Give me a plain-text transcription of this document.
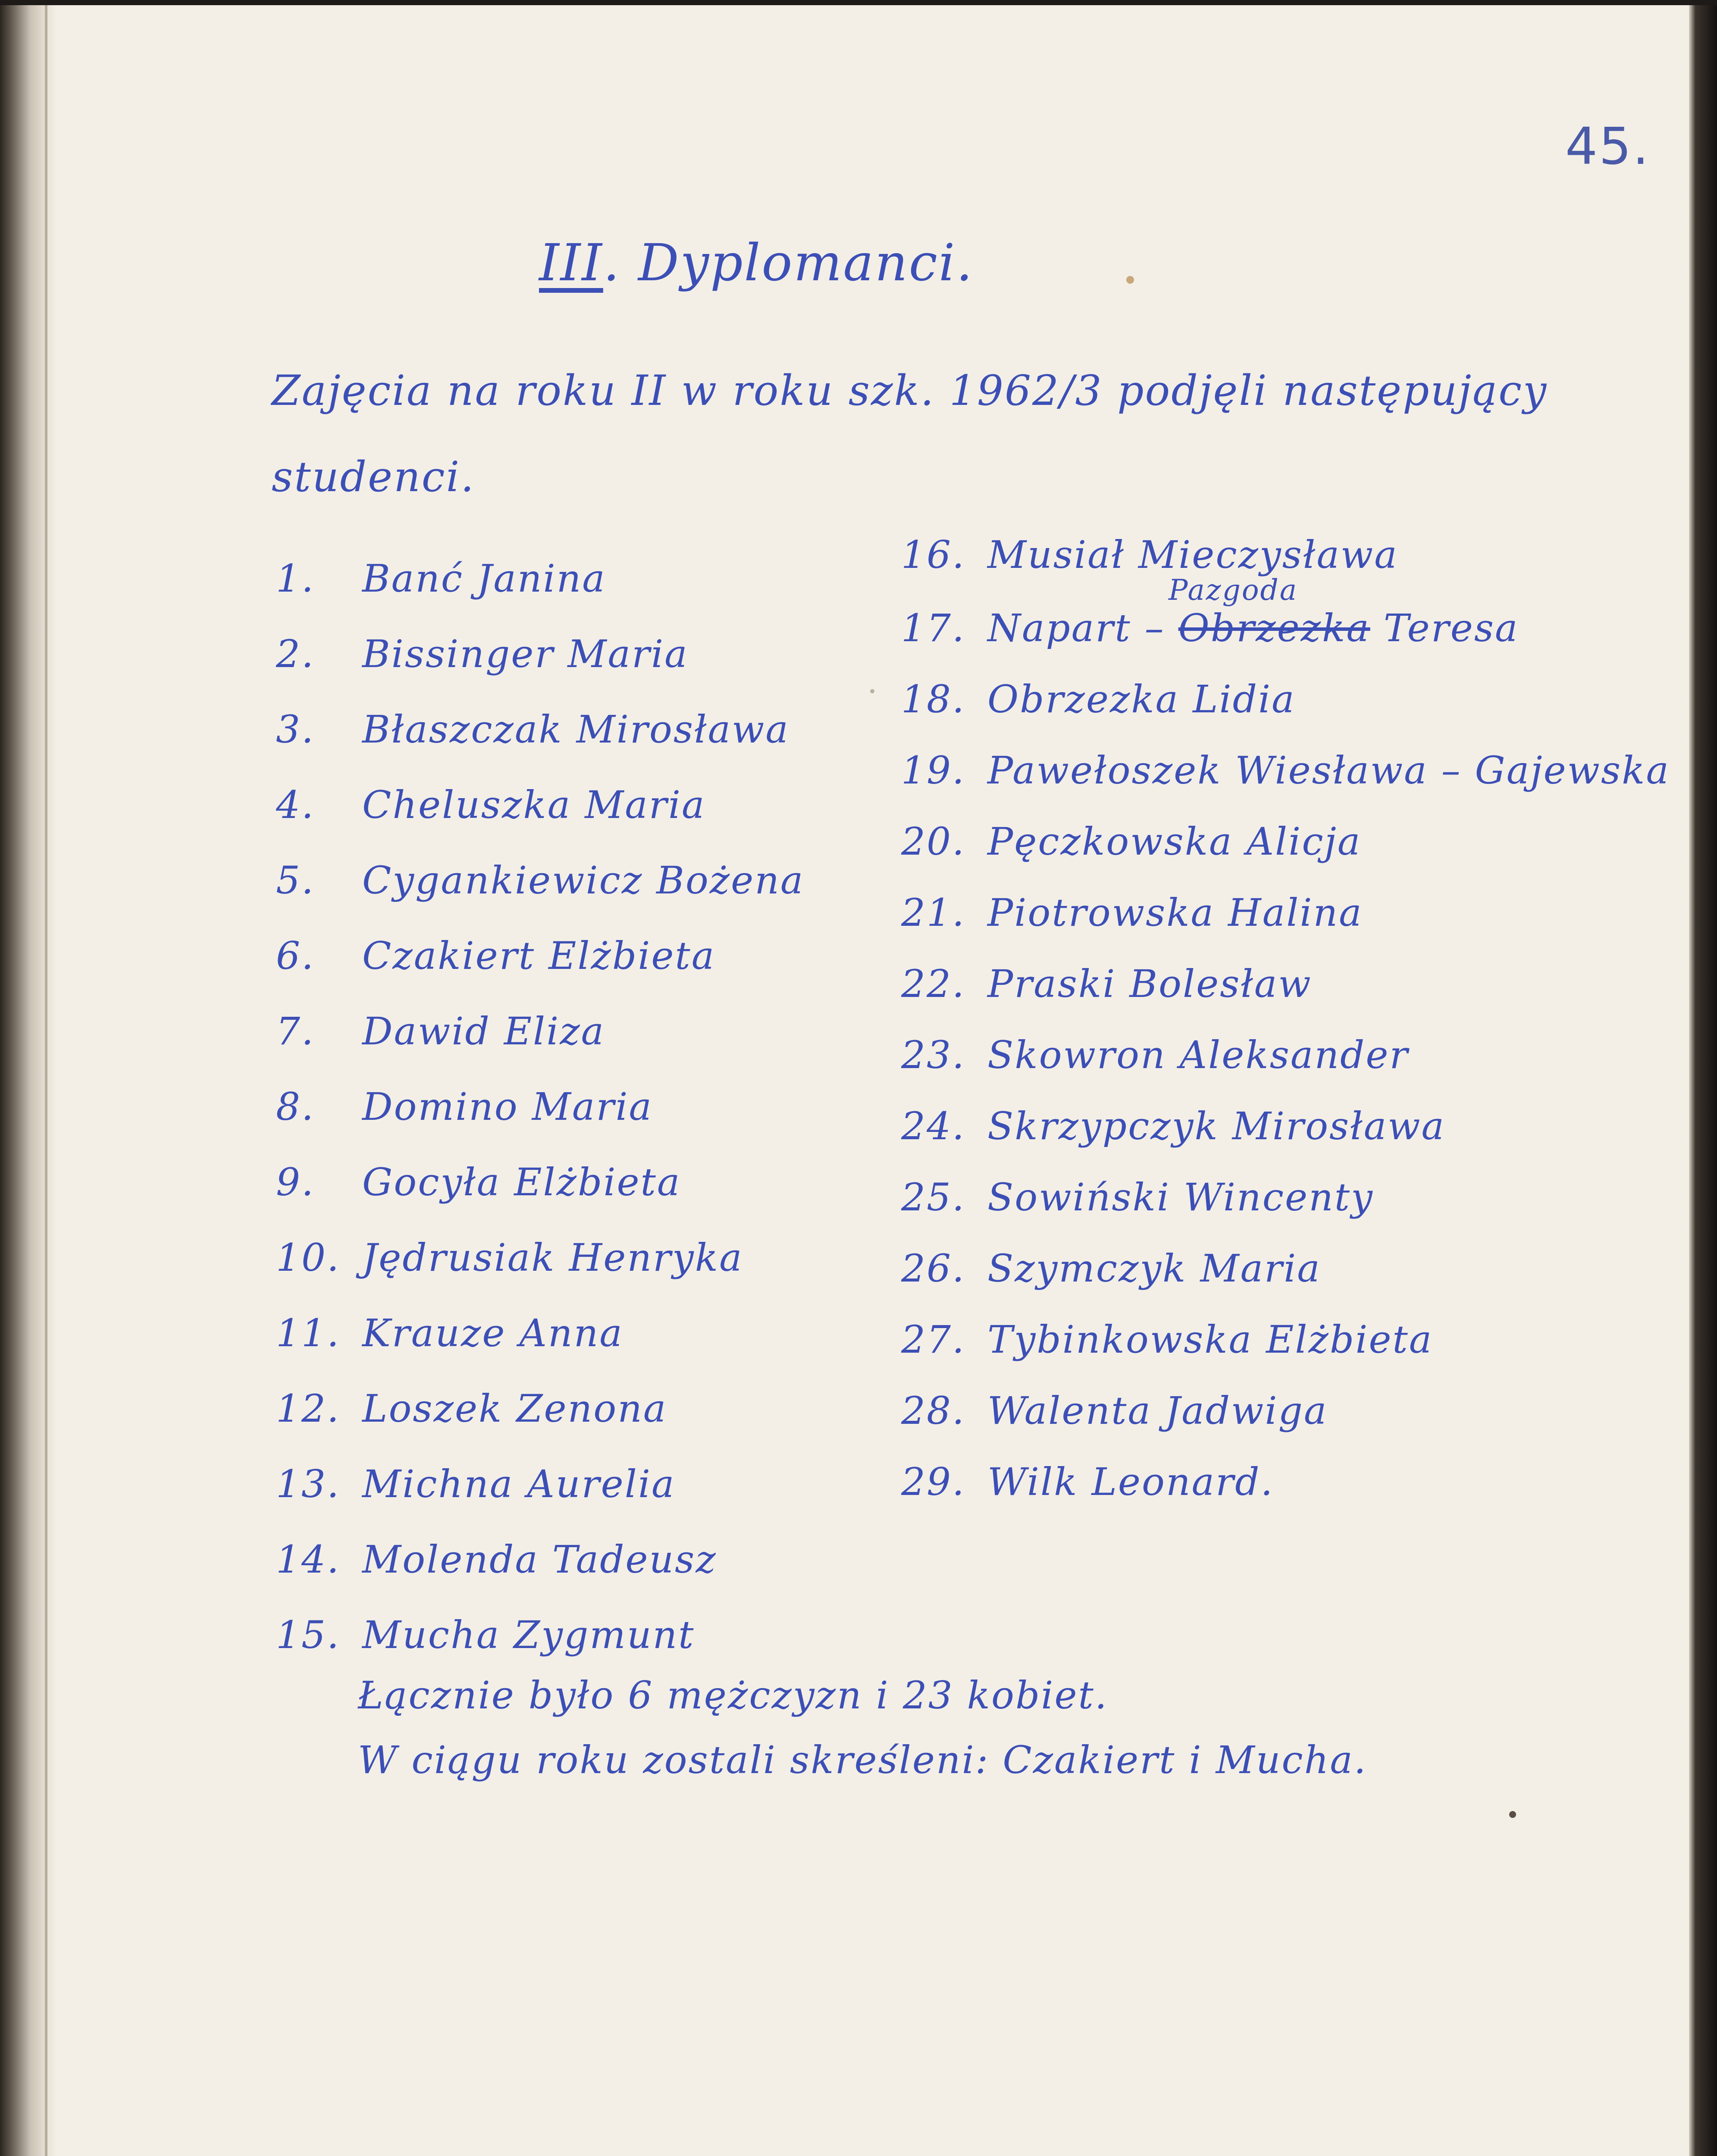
45.
III. Dyplomanci.
Zajęcia na roku II w roku szk. 1962/3 podjęli następujący
studenci.
1. Banć Janina
2. Bissinger Maria
3. Błaszczak Mirosława
4. Cheluszka Maria
5. Cygankiewicz Bożena
6. Czakiert Elżbieta
7. Dawid Eliza
8. Domino Maria
9. Gocyła Elżbieta
10. Jędrusiak Henryka
11. Krauze Anna
12. Loszek Zenona
13. Michna Aurelia
14. Molenda Tadeusz
15. Mucha Zygmunt
16. Musiał Mieczysława
Pazgoda
17. Napart – Obrzezka Teresa
18. Obrzezka Lidia
19. Pawełoszek Wiesława – Gajewska
20. Pęczkowska Alicja
21. Piotrowska Halina
22. Praski Bolesław
23. Skowron Aleksander
24. Skrzypczyk Mirosława
25. Sowiński Wincenty
26. Szymczyk Maria
27. Tybinkowska Elżbieta
28. Walenta Jadwiga
29. Wilk Leonard.
Łącznie było 6 mężczyzn i 23 kobiet.
W ciągu roku zostali skreśleni: Czakiert i Mucha.
